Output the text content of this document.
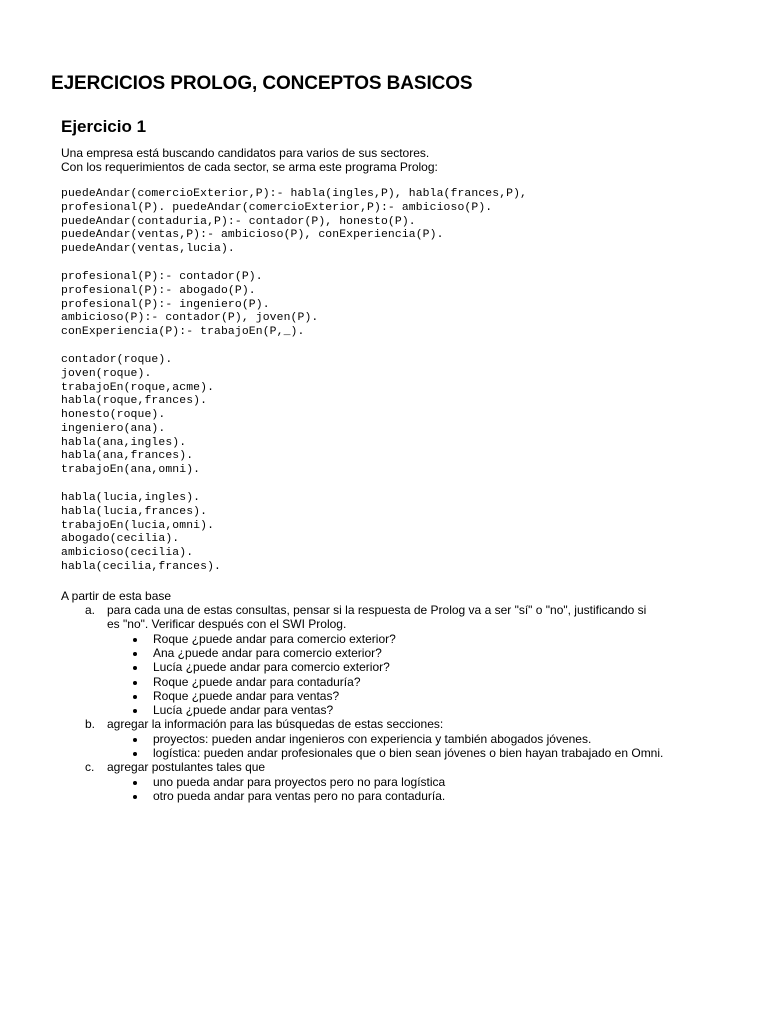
EJERCICIOS PROLOG, CONCEPTOS BASICOS
Ejercicio 1

Una empresa está buscando candidatos para varios de sus sectores.
Con los requerimientos de cada sector, se arma este programa Prolog:

puedeAndar(comercioExterior,P):- habla(ingles,P), habla(frances,P),
profesional(P). puedeAndar(comercioExterior,P):- ambicioso(P).
puedeAndar(contaduria,P):- contador(P), honesto(P).
puedeAndar(ventas,P):- ambicioso(P), conExperiencia(P).
puedeAndar(ventas,lucia).
profesional(P):- contador(P).
profesional(P):- abogado(P).
profesional(P):- ingeniero(P).
ambicioso(P):- contador(P), joven(P).
conExperiencia(P):- trabajoEn(P,_).
contador(roque).
joven(roque).
trabajoEn(roque,acme).
habla(roque,frances).
honesto(roque).
ingeniero(ana).
habla(ana,ingles).
habla(ana,frances).
trabajoEn(ana,omni).
habla(lucia,ingles).
habla(lucia,frances).
trabajoEn(lucia,omni).
abogado(cecilia).
ambicioso(cecilia).
habla(cecilia,frances).

A partir de esta base

a. para cada una de estas consultas, pensar si la respuesta de Prolog va a ser "sí" o "no", justificando si
es "no". Verificar después con el SWI Prolog.
Roque ¿puede andar para comercio exterior?
Ana ¿puede andar para comercio exterior?
Lucía ¿puede andar para comercio exterior?
Roque ¿puede andar para contaduría?
Roque ¿puede andar para ventas?
Lucía ¿puede andar para ventas?
b. agregar la información para las búsquedas de estas secciones:
proyectos: pueden andar ingenieros con experiencia y también abogados jóvenes.
logística: pueden andar profesionales que o bien sean jóvenes o bien hayan trabajado en Omni.
c.	agregar postulantes tales que
uno pueda andar para proyectos pero no para logística
otro pueda andar para ventas pero no para contaduría.
